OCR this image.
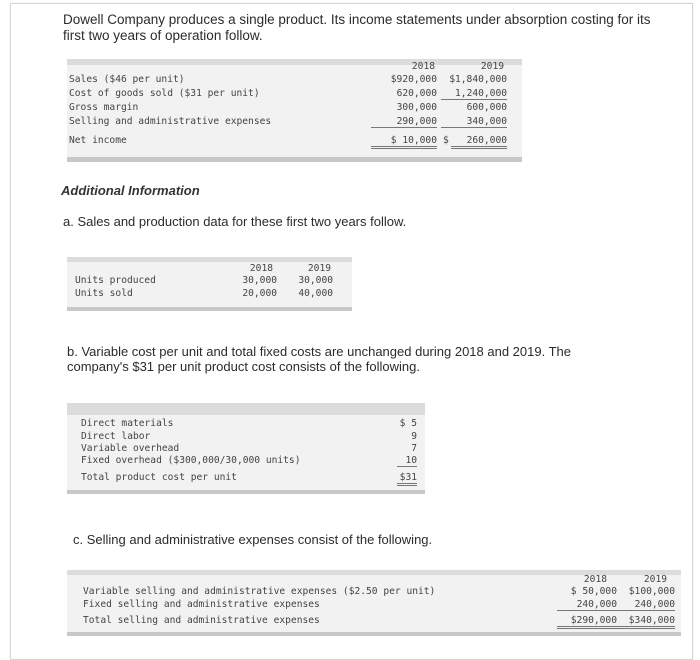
Dowell Company produces a single product. Its income statements under absorption costing for its first two years of operation follow.
2018	2019
Sales ($46 per unit)	$920,000	$1,840,000
Cost of goods sold ($31 per unit)	620,000	1,240,000
Gross margin	300,000	600,000
Selling and administrative expenses	290,000	340,000
Net income	$ 10,000 $	260,000
Additional Information
a. Sales and production data for these first two years follow.
2018	2019
Units produced	30,000	30,000
Units sold	20,000	40,000
b. Variable cost per unit and total fixed costs are unchanged during 2018 and 2019. The company's $31 per unit product cost consists of the following.
Direct materials	$ 5
Direct labor	9
Variable overhead	7
Fixed overhead ($300,000/30,000 units)	10
Total product cost per unit	$31
c. Selling and administrative expenses consist of the following.
2018	2019
Variable selling and administrative expenses ($2.50 per unit)	$ 50,000	$100,000
Fixed selling and administrative expenses	240,000	240,000
Total selling and administrative expenses	$290,000	$340,000
